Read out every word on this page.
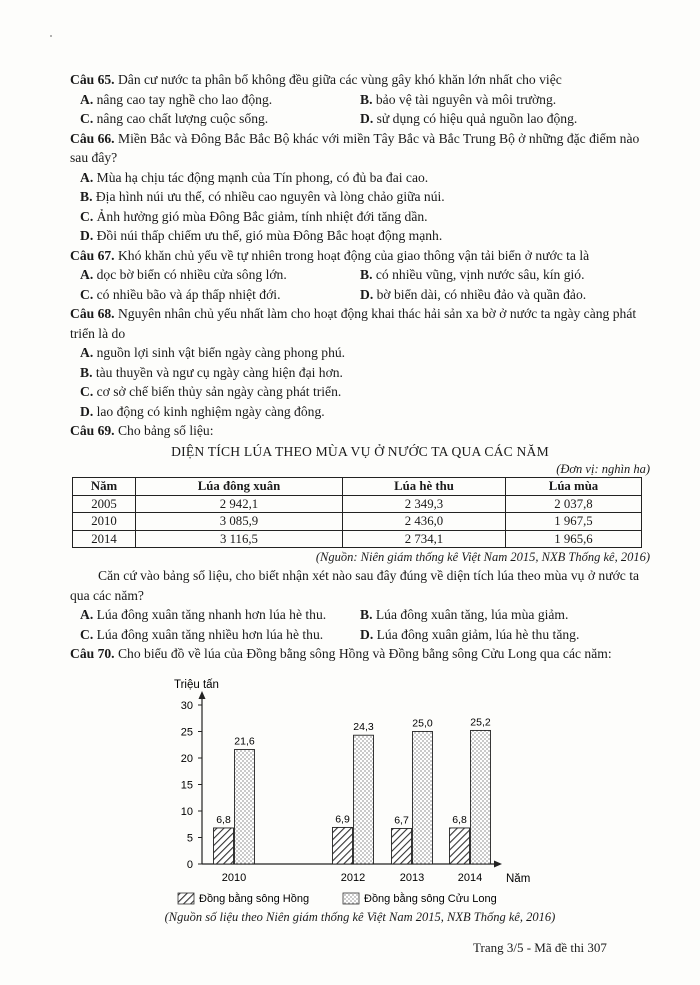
Câu 65. Dân cư nước ta phân bố không đều giữa các vùng gây khó khăn lớn nhất cho việc

A. nâng cao tay nghề cho lao động.	B. bảo vệ tài nguyên và môi trường.
C. nâng cao chất lượng cuộc sống.	D. sử dụng có hiệu quả nguồn lao động.

Câu 66. Miền Bắc và Đông Bắc Bắc Bộ khác với miền Tây Bắc và Bắc Trung Bộ ở những đặc điểm nào sau đây?

A. Mùa hạ chịu tác động mạnh của Tín phong, có đủ ba đai cao.
B. Địa hình núi ưu thế, có nhiều cao nguyên và lòng chảo giữa núi.
C. Ảnh hưởng gió mùa Đông Bắc giảm, tính nhiệt đới tăng dần.
D. Đồi núi thấp chiếm ưu thế, gió mùa Đông Bắc hoạt động mạnh.

Câu 67. Khó khăn chủ yếu về tự nhiên trong hoạt động của giao thông vận tải biển ở nước ta là

A. dọc bờ biển có nhiều cửa sông lớn.	B. có nhiều vũng, vịnh nước sâu, kín gió.
C. có nhiều bão và áp thấp nhiệt đới.	D. bờ biển dài, có nhiều đảo và quần đảo.

Câu 68. Nguyên nhân chủ yếu nhất làm cho hoạt động khai thác hải sản xa bờ ở nước ta ngày càng phát triển là do

A. nguồn lợi sinh vật biển ngày càng phong phú.
B. tàu thuyền và ngư cụ ngày càng hiện đại hơn.
C. cơ sở chế biến thủy sản ngày càng phát triển.
D. lao động có kinh nghiệm ngày càng đông.

Câu 69. Cho bảng số liệu:

DIỆN TÍCH LÚA THEO MÙA VỤ Ở NƯỚC TA QUA CÁC NĂM

(Đơn vị: nghìn ha)
Năm	Lúa đông xuân	Lúa hè thu	Lúa mùa
2005	2 942,1	2 349,3	2 037,8
2010	3 085,9	2 436,0	1 967,5
2014	3 116,5	2 734,1	1 965,6
(Nguồn: Niên giám thống kê Việt Nam 2015, NXB Thống kê, 2016)

Căn cứ vào bảng số liệu, cho biết nhận xét nào sau đây đúng về diện tích lúa theo mùa vụ ở nước ta qua các năm?

A. Lúa đông xuân tăng nhanh hơn lúa hè thu.	B. Lúa đông xuân tăng, lúa mùa giảm.
C. Lúa đông xuân tăng nhiều hơn lúa hè thu.	D. Lúa đông xuân giảm, lúa hè thu tăng.

Câu 70. Cho biểu đồ về lúa của Đồng bằng sông Hồng và Đồng bằng sông Cửu Long qua các năm:

Triệu tấn
Năm
0
5
10
15
20
25
30
6,8
21,6
2010
6,9
24,3
2012
6,7
25,0
2013
6,8
25,2
2014
Đồng bằng sông Hồng	Đồng bằng sông Cửu Long
(Nguồn số liệu theo Niên giám thống kê Việt Nam 2015, NXB Thống kê, 2016)
Trang 3/5 - Mã đề thi 307
